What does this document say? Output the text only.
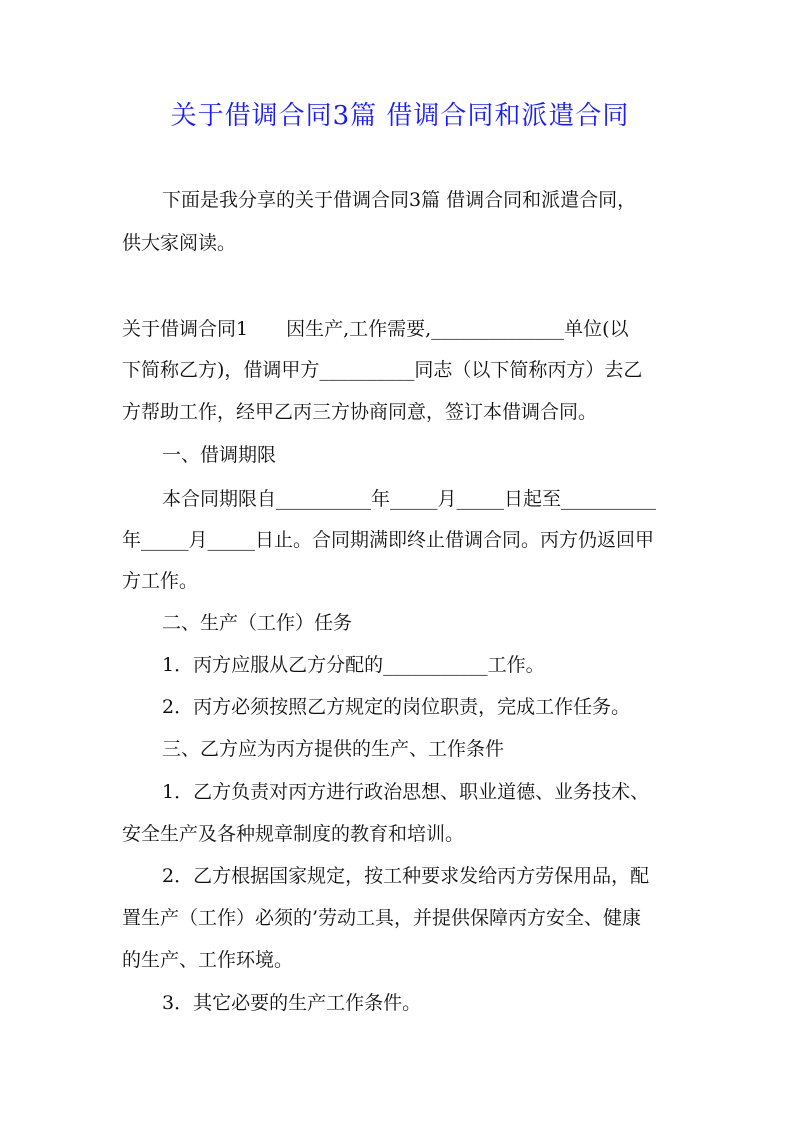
关于借调合同3篇 借调合同和派遣合同
下面是我分享的关于借调合同3篇 借调合同和派遣合同，
供大家阅读。
关于借调合同1　　因生产,工作需要,______________单位(以
下简称乙方)，借调甲方__________同志（以下简称丙方）去乙
方帮助工作，经甲乙丙三方协商同意，签订本借调合同。
一、借调期限
本合同期限自__________年_____月_____日起至__________
年_____月_____日止。合同期满即终止借调合同。丙方仍返回甲
方工作。
二、生产（工作）任务
1．丙方应服从乙方分配的___________工作。
2．丙方必须按照乙方规定的岗位职责，完成工作任务。
三、乙方应为丙方提供的生产、工作条件
1．乙方负责对丙方进行政治思想、职业道德、业务技术、
安全生产及各种规章制度的教育和培训。
2．乙方根据国家规定，按工种要求发给丙方劳保用品，配
置生产（工作）必须的’劳动工具，并提供保障丙方安全、健康
的生产、工作环境。
3．其它必要的生产工作条件。
